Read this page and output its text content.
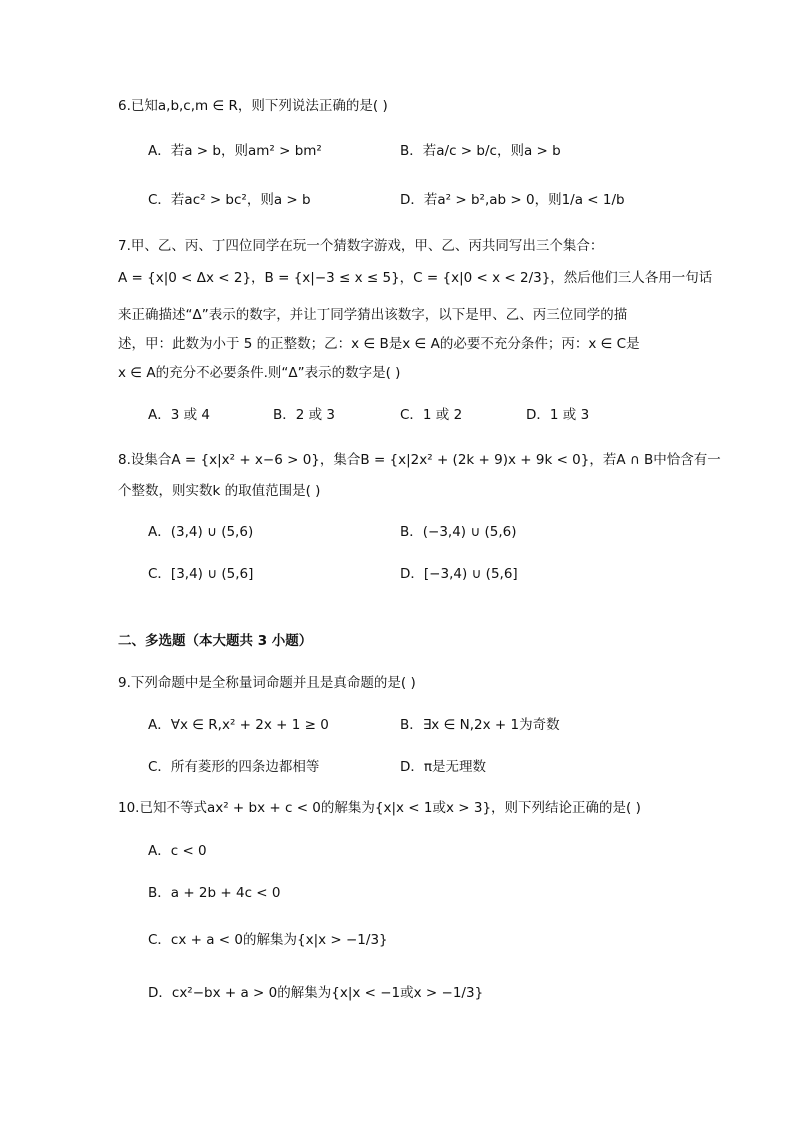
6.已知a,b,c,m ∈ R，则下列说法正确的是( )
A．若a > b，则am² > bm²	B．若a/c > b/c，则a > b
C．若ac² > bc²，则a > b	D．若a² > b²,ab > 0，则1/a < 1/b
7.甲、乙、丙、丁四位同学在玩一个猜数字游戏，甲、乙、丙共同写出三个集合：
A = {x|0 < Δx < 2}，B = {x|−3 ≤ x ≤ 5}，C = {x|0 < x < 2/3}，然后他们三人各用一句话
来正确描述“Δ”表示的数字，并让丁同学猜出该数字，以下是甲、乙、丙三位同学的描
述，甲：此数为小于 5 的正整数；乙：x ∈ B是x ∈ A的必要不充分条件；丙：x ∈ C是
x ∈ A的充分不必要条件.则“Δ”表示的数字是( )
A．3 或 4	B．2 或 3	C．1 或 2	D．1 或 3
8.设集合A = {x|x² + x−6 > 0}，集合B = {x|2x² + (2k + 9)x + 9k < 0}，若A ∩ B中恰含有一
个整数，则实数k 的取值范围是( )
A．(3,4) ∪ (5,6)	B．(−3,4) ∪ (5,6)
C．[3,4) ∪ (5,6]	D．[−3,4) ∪ (5,6]
二、多选题（本大题共 3 小题）
9.下列命题中是全称量词命题并且是真命题的是( )
A．∀x ∈ R,x² + 2x + 1 ≥ 0	B．∃x ∈ N,2x + 1为奇数
C．所有菱形的四条边都相等	D．π是无理数
10.已知不等式ax² + bx + c < 0的解集为{x|x < 1或x > 3}，则下列结论正确的是( )
A．c < 0
B．a + 2b + 4c < 0
C．cx + a < 0的解集为{x|x > −1/3}
D．cx²−bx + a > 0的解集为{x|x < −1或x > −1/3}
